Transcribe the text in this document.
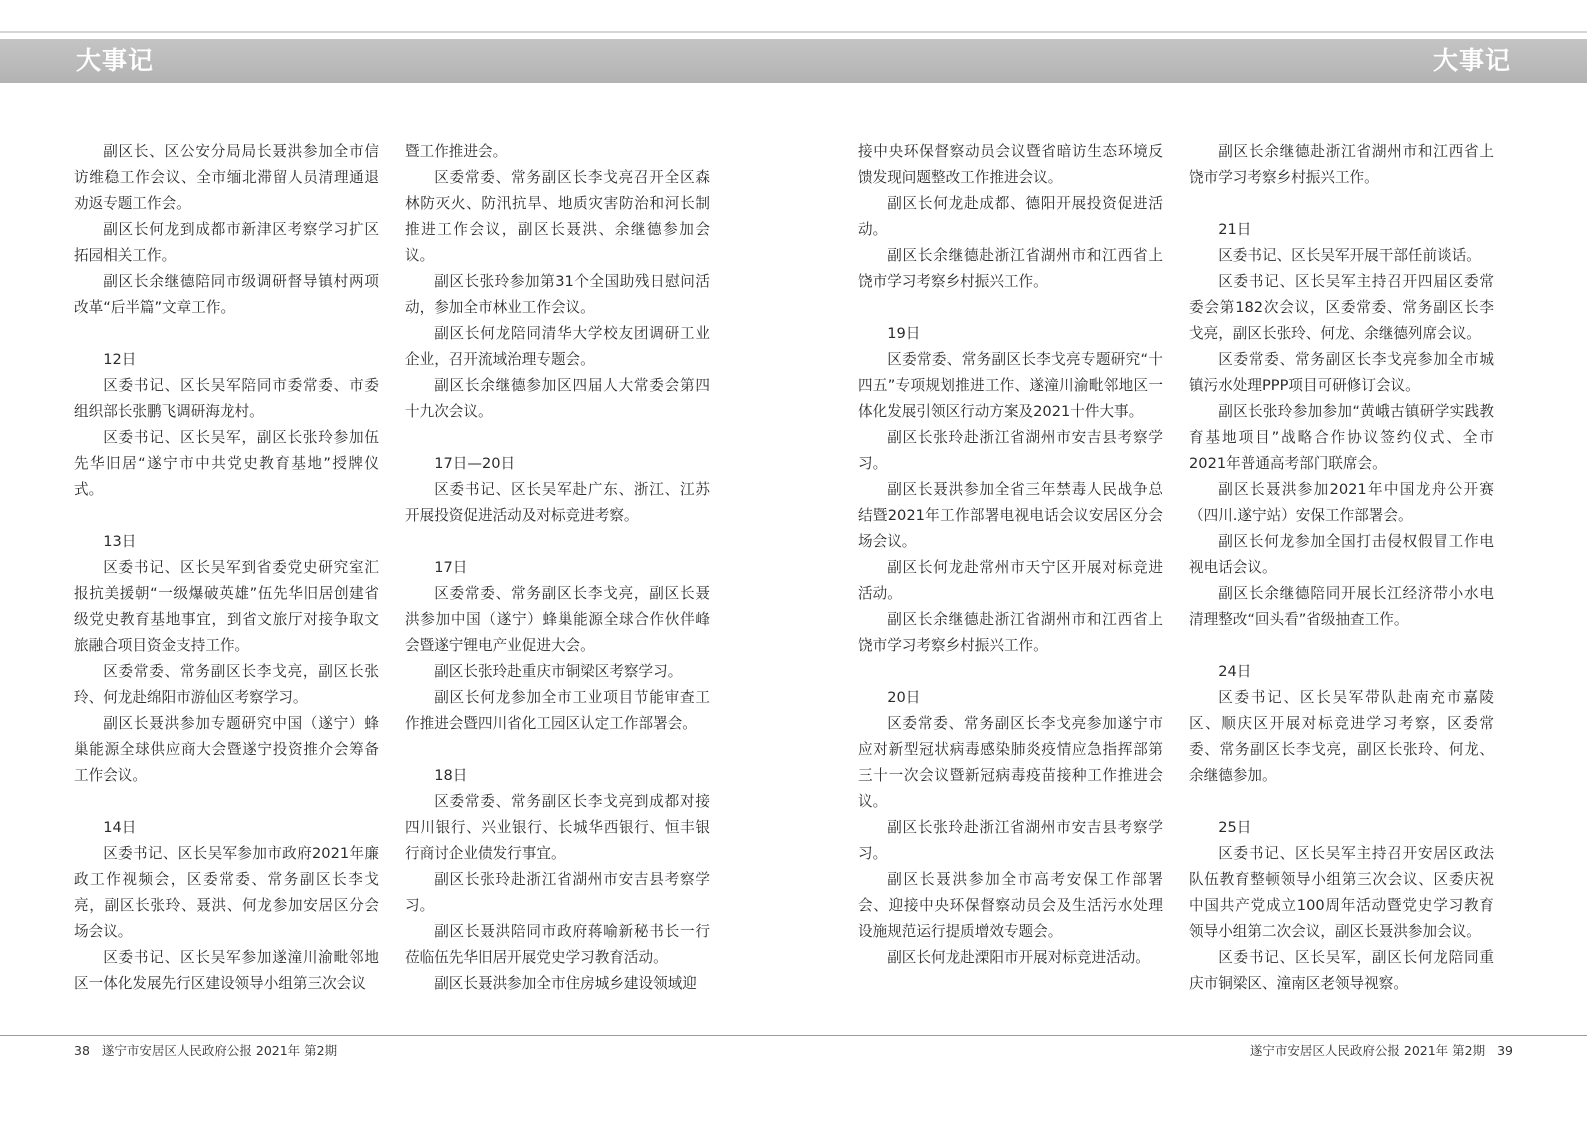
大事记	大事记

副区长、区公安分局局长聂洪参加全市信访维稳工作会议、全市缅北滞留人员清理通退劝返专题工作会。

副区长何龙到成都市新津区考察学习扩区拓园相关工作。

副区长余继德陪同市级调研督导镇村两项改革“后半篇”文章工作。

12日

区委书记、区长吴军陪同市委常委、市委组织部长张鹏飞调研海龙村。

区委书记、区长吴军，副区长张玲参加伍先华旧居“遂宁市中共党史教育基地”授牌仪式。

13日

区委书记、区长吴军到省委党史研究室汇报抗美援朝“一级爆破英雄”伍先华旧居创建省级党史教育基地事宜，到省文旅厅对接争取文旅融合项目资金支持工作。

区委常委、常务副区长李戈亮，副区长张玲、何龙赴绵阳市游仙区考察学习。

副区长聂洪参加专题研究中国（遂宁）蜂巢能源全球供应商大会暨遂宁投资推介会筹备工作会议。

14日

区委书记、区长吴军参加市政府2021年廉政工作视频会，区委常委、常务副区长李戈亮，副区长张玲、聂洪、何龙参加安居区分会场会议。

区委书记、区长吴军参加遂潼川渝毗邻地区一体化发展先行区建设领导小组第三次会议

暨工作推进会。

区委常委、常务副区长李戈亮召开全区森林防灭火、防汛抗旱、地质灾害防治和河长制推进工作会议，副区长聂洪、余继德参加会议。

副区长张玲参加第31个全国助残日慰问活动，参加全市林业工作会议。

副区长何龙陪同清华大学校友团调研工业企业，召开流域治理专题会。

副区长余继德参加区四届人大常委会第四十九次会议。

17日—20日

区委书记、区长吴军赴广东、浙江、江苏开展投资促进活动及对标竞进考察。

17日

区委常委、常务副区长李戈亮，副区长聂洪参加中国（遂宁）蜂巢能源全球合作伙伴峰会暨遂宁锂电产业促进大会。

副区长张玲赴重庆市铜梁区考察学习。

副区长何龙参加全市工业项目节能审查工作推进会暨四川省化工园区认定工作部署会。

18日

区委常委、常务副区长李戈亮到成都对接四川银行、兴业银行、长城华西银行、恒丰银行商讨企业债发行事宜。

副区长张玲赴浙江省湖州市安吉县考察学习。

副区长聂洪陪同市政府蒋喻新秘书长一行莅临伍先华旧居开展党史学习教育活动。

副区长聂洪参加全市住房城乡建设领域迎

接中央环保督察动员会议暨省暗访生态环境反馈发现问题整改工作推进会议。

副区长何龙赴成都、德阳开展投资促进活动。

副区长余继德赴浙江省湖州市和江西省上饶市学习考察乡村振兴工作。

19日

区委常委、常务副区长李戈亮专题研究“十四五”专项规划推进工作、遂潼川渝毗邻地区一体化发展引领区行动方案及2021十件大事。

副区长张玲赴浙江省湖州市安吉县考察学习。

副区长聂洪参加全省三年禁毒人民战争总结暨2021年工作部署电视电话会议安居区分会场会议。

副区长何龙赴常州市天宁区开展对标竞进活动。

副区长余继德赴浙江省湖州市和江西省上饶市学习考察乡村振兴工作。

20日

区委常委、常务副区长李戈亮参加遂宁市应对新型冠状病毒感染肺炎疫情应急指挥部第三十一次会议暨新冠病毒疫苗接种工作推进会议。

副区长张玲赴浙江省湖州市安吉县考察学习。

副区长聂洪参加全市高考安保工作部署会、迎接中央环保督察动员会及生活污水处理设施规范运行提质增效专题会。

副区长何龙赴溧阳市开展对标竞进活动。

副区长余继德赴浙江省湖州市和江西省上饶市学习考察乡村振兴工作。

21日

区委书记、区长吴军开展干部任前谈话。

区委书记、区长吴军主持召开四届区委常委会第182次会议，区委常委、常务副区长李戈亮，副区长张玲、何龙、余继德列席会议。

区委常委、常务副区长李戈亮参加全市城镇污水处理PPP项目可研修订会议。

副区长张玲参加参加“黄峨古镇研学实践教育基地项目”战略合作协议签约仪式、全市2021年普通高考部门联席会。

副区长聂洪参加2021年中国龙舟公开赛（四川.遂宁站）安保工作部署会。

副区长何龙参加全国打击侵权假冒工作电视电话会议。

副区长余继德陪同开展长江经济带小水电清理整改“回头看”省级抽查工作。

24日

区委书记、区长吴军带队赴南充市嘉陵区、顺庆区开展对标竞进学习考察，区委常委、常务副区长李戈亮，副区长张玲、何龙、余继德参加。

25日

区委书记、区长吴军主持召开安居区政法队伍教育整顿领导小组第三次会议、区委庆祝中国共产党成立100周年活动暨党史学习教育领导小组第二次会议，副区长聂洪参加会议。

区委书记、区长吴军，副区长何龙陪同重庆市铜梁区、潼南区老领导视察。

38 遂宁市安居区人民政府公报 2021年 第2期	遂宁市安居区人民政府公报 2021年 第2期 39
